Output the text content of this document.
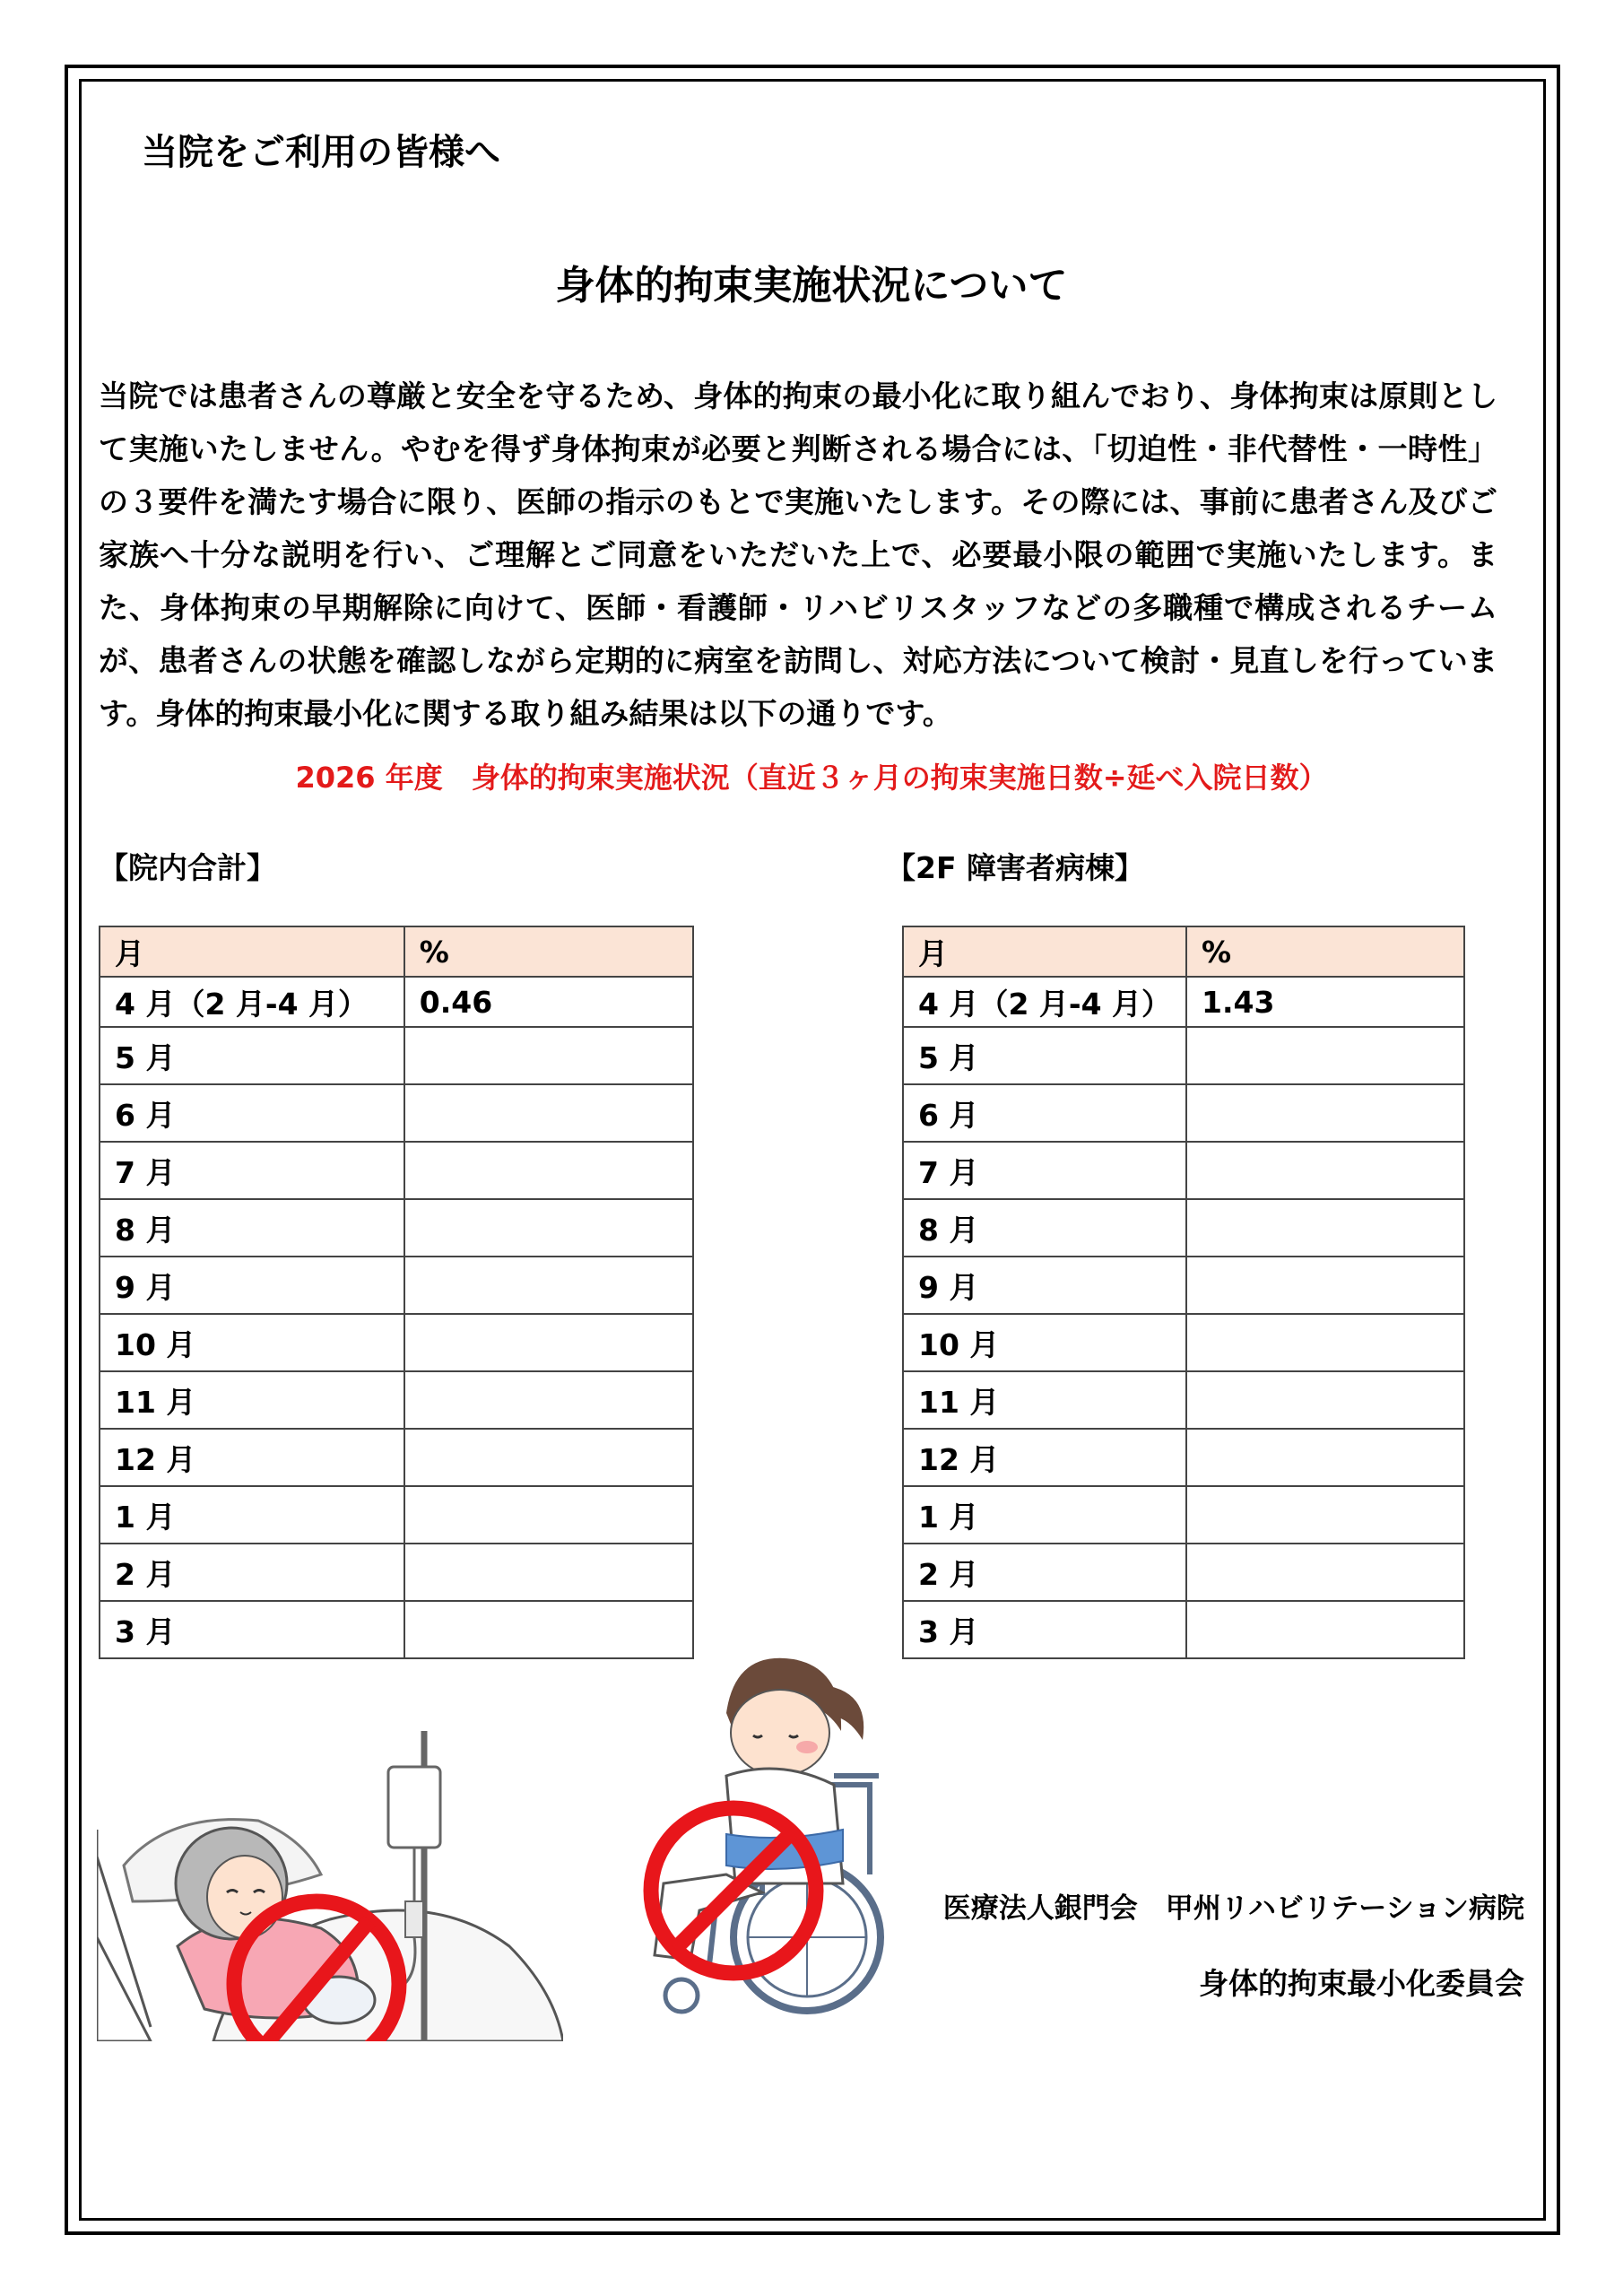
当院をご利用の皆様へ
身体的拘束実施状況について
当院では患者さんの尊厳と安全を守るため、身体的拘束の最小化に取り組んでおり、身体拘束は原則として実施いたしません。やむを得ず身体拘束が必要と判断される場合には、「切迫性・非代替性・一時性」の３要件を満たす場合に限り、医師の指示のもとで実施いたします。その際には、事前に患者さん及びご家族へ十分な説明を行い、ご理解とご同意をいただいた上で、必要最小限の範囲で実施いたします。また、身体拘束の早期解除に向けて、医師・看護師・リハビリスタッフなどの多職種で構成されるチームが、患者さんの状態を確認しながら定期的に病室を訪問し、対応方法について検討・見直しを行っています。身体的拘束最小化に関する取り組み結果は以下の通りです。
2026 年度　身体的拘束実施状況（直近３ヶ月の拘束実施日数÷延べ入院日数）
【院内合計】	【2F 障害者病棟】
月	%
4 月（2 月-4 月）	0.46
5 月	
6 月	
7 月	
8 月	
9 月	
10 月	
11 月	
12 月	
1 月	
2 月	
3 月	
月	%
4 月（2 月-4 月）	1.43
5 月	
6 月	
7 月	
8 月	
9 月	
10 月	
11 月	
12 月	
1 月	
2 月	
3 月	
医療法人銀門会　甲州リハビリテーション病院
身体的拘束最小化委員会
